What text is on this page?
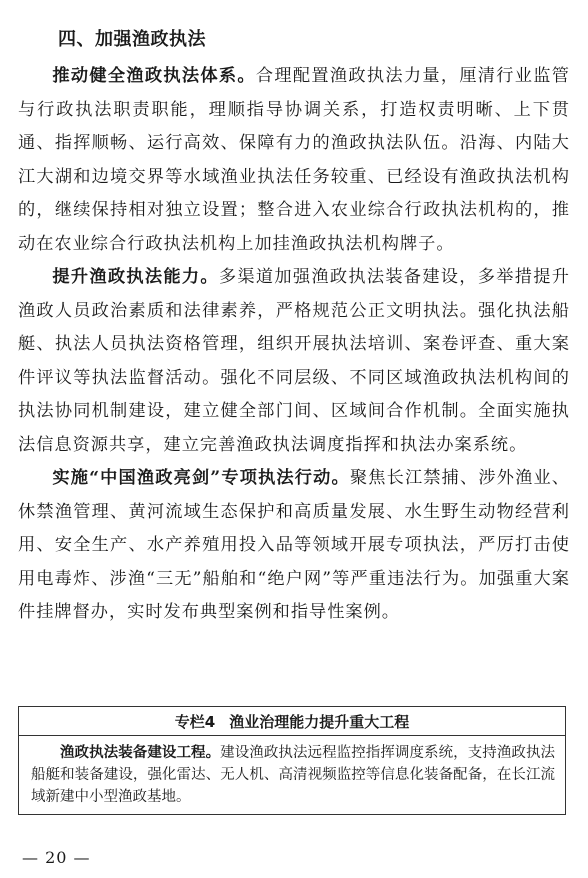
四、加强渔政执法

推动健全渔政执法体系。合理配置渔政执法力量，厘清行业监管与行政执法职责职能，理顺指导协调关系，打造权责明晰、上下贯通、指挥顺畅、运行高效、保障有力的渔政执法队伍。沿海、内陆大江大湖和边境交界等水域渔业执法任务较重、已经设有渔政执法机构的，继续保持相对独立设置；整合进入农业综合行政执法机构的，推动在农业综合行政执法机构上加挂渔政执法机构牌子。

提升渔政执法能力。多渠道加强渔政执法装备建设，多举措提升渔政人员政治素质和法律素养，严格规范公正文明执法。强化执法船艇、执法人员执法资格管理，组织开展执法培训、案卷评查、重大案件评议等执法监督活动。强化不同层级、不同区域渔政执法机构间的执法协同机制建设，建立健全部门间、区域间合作机制。全面实施执法信息资源共享，建立完善渔政执法调度指挥和执法办案系统。

实施“中国渔政亮剑”专项执法行动。聚焦长江禁捕、涉外渔业、休禁渔管理、黄河流域生态保护和高质量发展、水生野生动物经营利用、安全生产、水产养殖用投入品等领域开展专项执法，严厉打击使用电毒炸、涉渔“三无”船舶和“绝户网”等严重违法行为。加强重大案件挂牌督办，实时发布典型案例和指导性案例。

专栏4 渔业治理能力提升重大工程

渔政执法装备建设工程。建设渔政执法远程监控指挥调度系统，支持渔政执法船艇和装备建设，强化雷达、无人机、高清视频监控等信息化装备配备，在长江流域新建中小型渔政基地。

— 20 —
